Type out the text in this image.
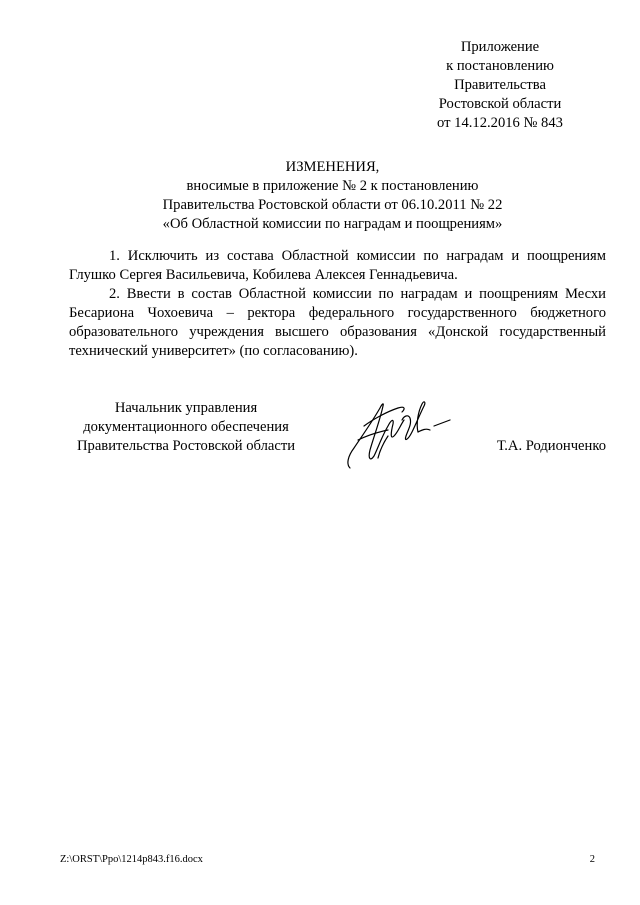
Приложение
к постановлению
Правительства
Ростовской области
от 14.12.2016 № 843
ИЗМЕНЕНИЯ,
вносимые в приложение № 2 к постановлению
Правительства Ростовской области от 06.10.2011 № 22
«Об Областной комиссии по наградам и поощрениям»

1. Исключить из состава Областной комиссии по наградам и поощрениям Глушко Сергея Васильевича, Кобилева Алексея Геннадьевича.

2. Ввести в состав Областной комиссии по наградам и поощрениям Месхи Бесариона Чохоевича – ректора федерального государственного бюджетного образовательного учреждения высшего образования «Донской государственный технический университет» (по согласованию).

Начальник управления
документационного обеспечения
Правительства Ростовской области	Т.А. Родионченко
Z:\ORST\Ppo\1214p843.f16.docx	2
